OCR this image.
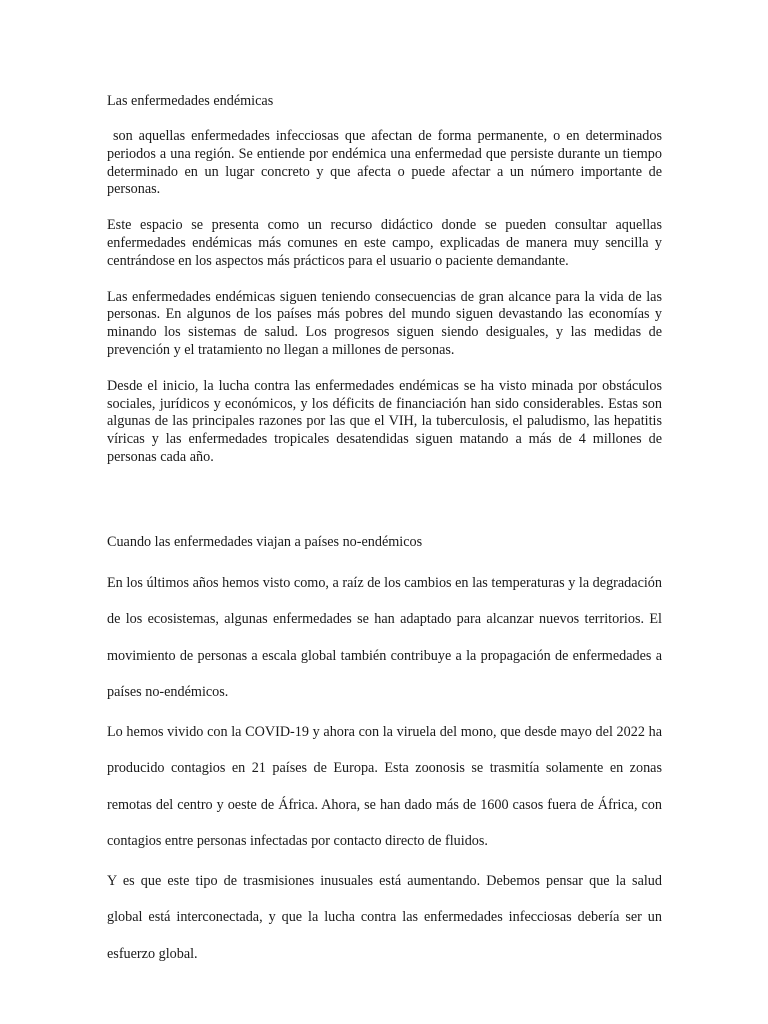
Las enfermedades endémicas

son aquellas enfermedades infecciosas que afectan de forma permanente, o en determinados periodos a una región. Se entiende por endémica una enfermedad que persiste durante un tiempo determinado en un lugar concreto y que afecta o puede afectar a un número importante de personas.

Este espacio se presenta como un recurso didáctico donde se pueden consultar aquellas enfermedades endémicas más comunes en este campo, explicadas de manera muy sencilla y centrándose en los aspectos más prácticos para el usuario o paciente demandante.

Las enfermedades endémicas siguen teniendo consecuencias de gran alcance para la vida de las personas. En algunos de los países más pobres del mundo siguen devastando las economías y minando los sistemas de salud. Los progresos siguen siendo desiguales, y las medidas de prevención y el tratamiento no llegan a millones de personas.

Desde el inicio, la lucha contra las enfermedades endémicas se ha visto minada por obstáculos sociales, jurídicos y económicos, y los déficits de financiación han sido considerables. Estas son algunas de las principales razones por las que el VIH, la tuberculosis, el paludismo, las hepatitis víricas y las enfermedades tropicales desatendidas siguen matando a más de 4 millones de personas cada año.

Cuando las enfermedades viajan a países no-endémicos

En los últimos años hemos visto como, a raíz de los cambios en las temperaturas y la degradación de los ecosistemas, algunas enfermedades se han adaptado para alcanzar nuevos territorios. El movimiento de personas a escala global también contribuye a la propagación de enfermedades a países no-endémicos.

Lo hemos vivido con la COVID-19 y ahora con la viruela del mono, que desde mayo del 2022 ha producido contagios en 21 países de Europa. Esta zoonosis se trasmitía solamente en zonas remotas del centro y oeste de África. Ahora, se han dado más de 1600 casos fuera de África, con contagios entre personas infectadas por contacto directo de fluidos.

Y es que este tipo de trasmisiones inusuales está aumentando. Debemos pensar que la salud global está interconectada, y que la lucha contra las enfermedades infecciosas debería ser un esfuerzo global.
